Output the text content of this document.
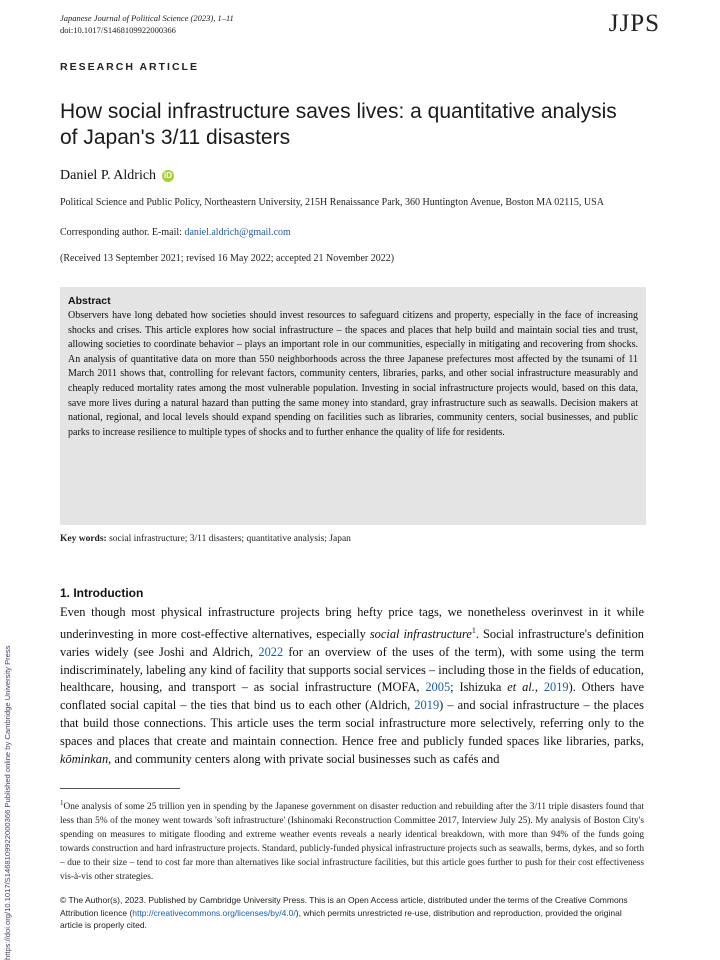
Japanese Journal of Political Science (2023), 1–11
doi:10.1017/S1468109922000366	JJPS
RESEARCH ARTICLE
How social infrastructure saves lives: a quantitative analysis of Japan's 3/11 disasters
Daniel P. Aldrich iD
Political Science and Public Policy, Northeastern University, 215H Renaissance Park, 360 Huntington Avenue, Boston MA 02115, USA
Corresponding author. E-mail: daniel.aldrich@gmail.com
(Received 13 September 2021; revised 16 May 2022; accepted 21 November 2022)
Abstract
Observers have long debated how societies should invest resources to safeguard citizens and property, especially in the face of increasing shocks and crises. This article explores how social infrastructure – the spaces and places that help build and maintain social ties and trust, allowing societies to coordinate behavior – plays an important role in our communities, especially in mitigating and recovering from shocks. An analysis of quantitative data on more than 550 neighborhoods across the three Japanese prefectures most affected by the tsunami of 11 March 2011 shows that, controlling for relevant factors, community centers, libraries, parks, and other social infrastructure measurably and cheaply reduced mortality rates among the most vulnerable population. Investing in social infrastructure projects would, based on this data, save more lives during a natural hazard than putting the same money into standard, gray infrastructure such as seawalls. Decision makers at national, regional, and local levels should expand spending on facilities such as libraries, community centers, social businesses, and public parks to increase resilience to multiple types of shocks and to further enhance the quality of life for residents.
Key words: social infrastructure; 3/11 disasters; quantitative analysis; Japan
1. Introduction

Even though most physical infrastructure projects bring hefty price tags, we nonetheless overinvest in it while underinvesting in more cost-effective alternatives, especially social infrastructure$^1$. Social infrastructure's definition varies widely (see Joshi and Aldrich, 2022 for an overview of the uses of the term), with some using the term indiscriminately, labeling any kind of facility that supports social services – including those in the fields of education, healthcare, housing, and transport – as social infrastructure (MOFA, 2005; Ishizuka et al., 2019). Others have conflated social capital – the ties that bind us to each other (Aldrich, 2019) – and social infrastructure – the places that build those connections. This article uses the term social infrastructure more selectively, referring only to the spaces and places that create and maintain connection. Hence free and publicly funded spaces like libraries, parks, kōminkan, and community centers along with private social businesses such as cafés and

$^1$One analysis of some 25 trillion yen in spending by the Japanese government on disaster reduction and rebuilding after the 3/11 triple disasters found that less than 5% of the money went towards 'soft infrastructure' (Ishinomaki Reconstruction Committee 2017, Interview July 25). My analysis of Boston City's spending on measures to mitigate flooding and extreme weather events reveals a nearly identical breakdown, with more than 94% of the funds going towards construction and hard infrastructure projects. Standard, publicly-funded physical infrastructure projects such as seawalls, berms, dykes, and so forth – due to their size – tend to cost far more than alternatives like social infrastructure facilities, but this article goes further to push for their cost effectiveness vis-à-vis other strategies.
© The Author(s), 2023. Published by Cambridge University Press. This is an Open Access article, distributed under the terms of the Creative Commons Attribution licence (http://creativecommons.org/licenses/by/4.0/), which permits unrestricted re-use, distribution and reproduction, provided the original article is properly cited.
https://doi.org/10.1017/S1468109922000366 Published online by Cambridge University Press
